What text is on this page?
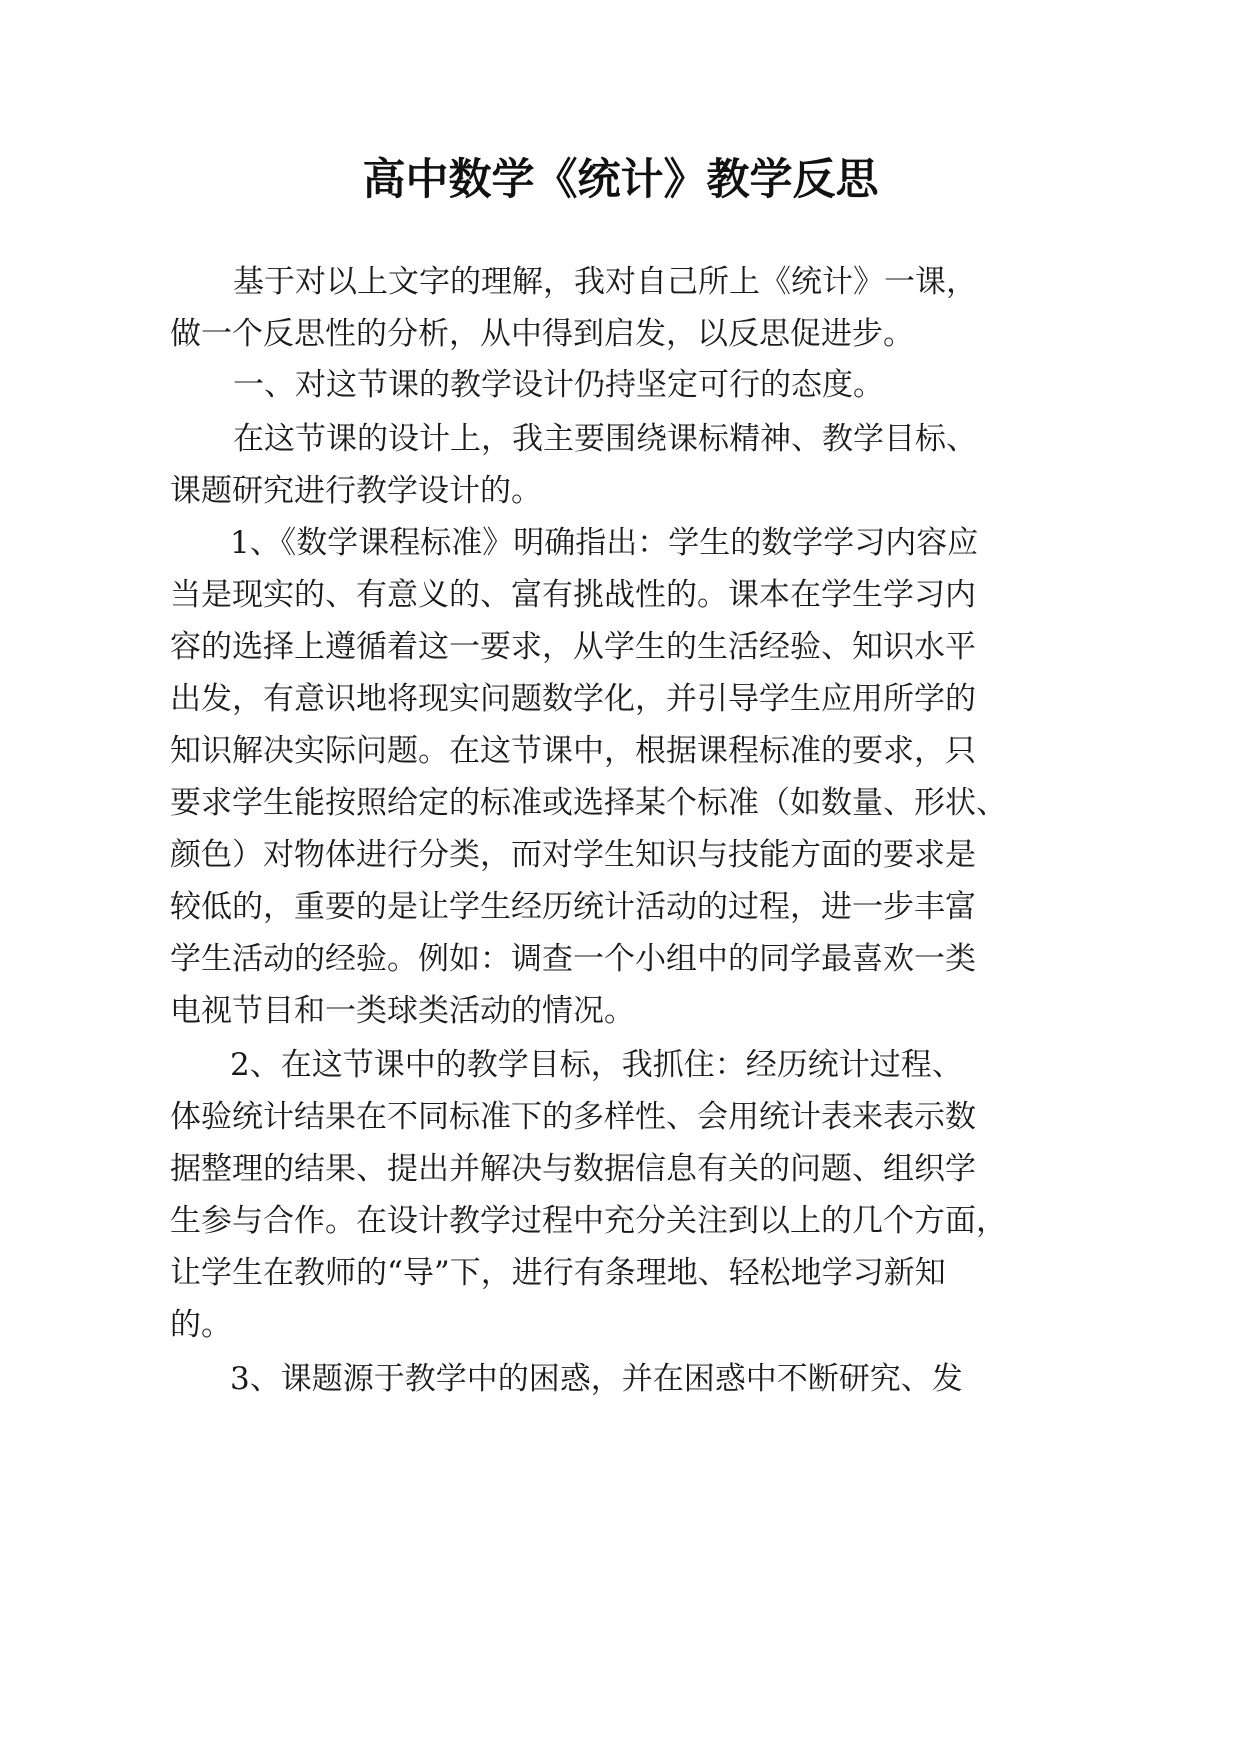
高中数学《统计》教学反思
基于对以上文字的理解，我对自己所上《统计》一课，
做一个反思性的分析，从中得到启发，以反思促进步。
一、对这节课的教学设计仍持坚定可行的态度。
在这节课的设计上，我主要围绕课标精神、教学目标、
课题研究进行教学设计的。
1、《数学课程标准》明确指出：学生的数学学习内容应
当是现实的、有意义的、富有挑战性的。课本在学生学习内
容的选择上遵循着这一要求，从学生的生活经验、知识水平
出发，有意识地将现实问题数学化，并引导学生应用所学的
知识解决实际问题。在这节课中，根据课程标准的要求，只
要求学生能按照给定的标准或选择某个标准（如数量、形状、
颜色）对物体进行分类，而对学生知识与技能方面的要求是
较低的，重要的是让学生经历统计活动的过程，进一步丰富
学生活动的经验。例如：调查一个小组中的同学最喜欢一类
电视节目和一类球类活动的情况。
2、在这节课中的教学目标，我抓住：经历统计过程、
体验统计结果在不同标准下的多样性、会用统计表来表示数
据整理的结果、提出并解决与数据信息有关的问题、组织学
生参与合作。在设计教学过程中充分关注到以上的几个方面，
让学生在教师的“导”下，进行有条理地、轻松地学习新知
的。
3、课题源于教学中的困惑，并在困惑中不断研究、发
